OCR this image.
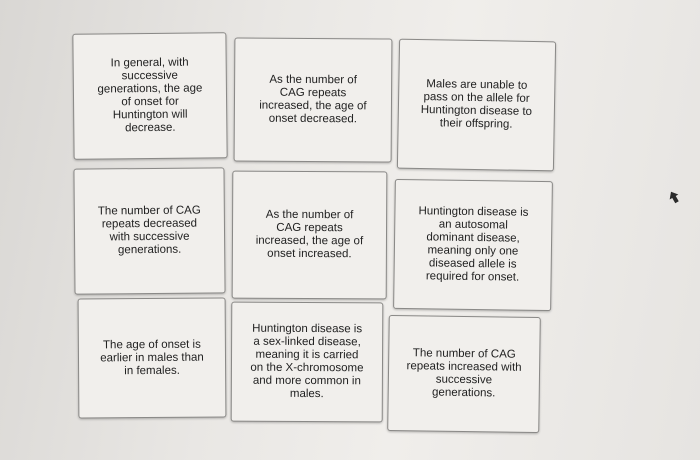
In general, with
successive
generations, the age
of onset for
Huntington will
decrease.
As the number of
CAG repeats
increased, the age of
onset decreased.
Males are unable to
pass on the allele for
Huntington disease to
their offspring.
The number of CAG
repeats decreased
with successive
generations.
As the number of
CAG repeats
increased, the age of
onset increased.
Huntington disease is
an autosomal
dominant disease,
meaning only one
diseased allele is
required for onset.
The age of onset is
earlier in males than
in females.
Huntington disease is
a sex-linked disease,
meaning it is carried
on the X-chromosome
and more common in
males.
The number of CAG
repeats increased with
successive
generations.
